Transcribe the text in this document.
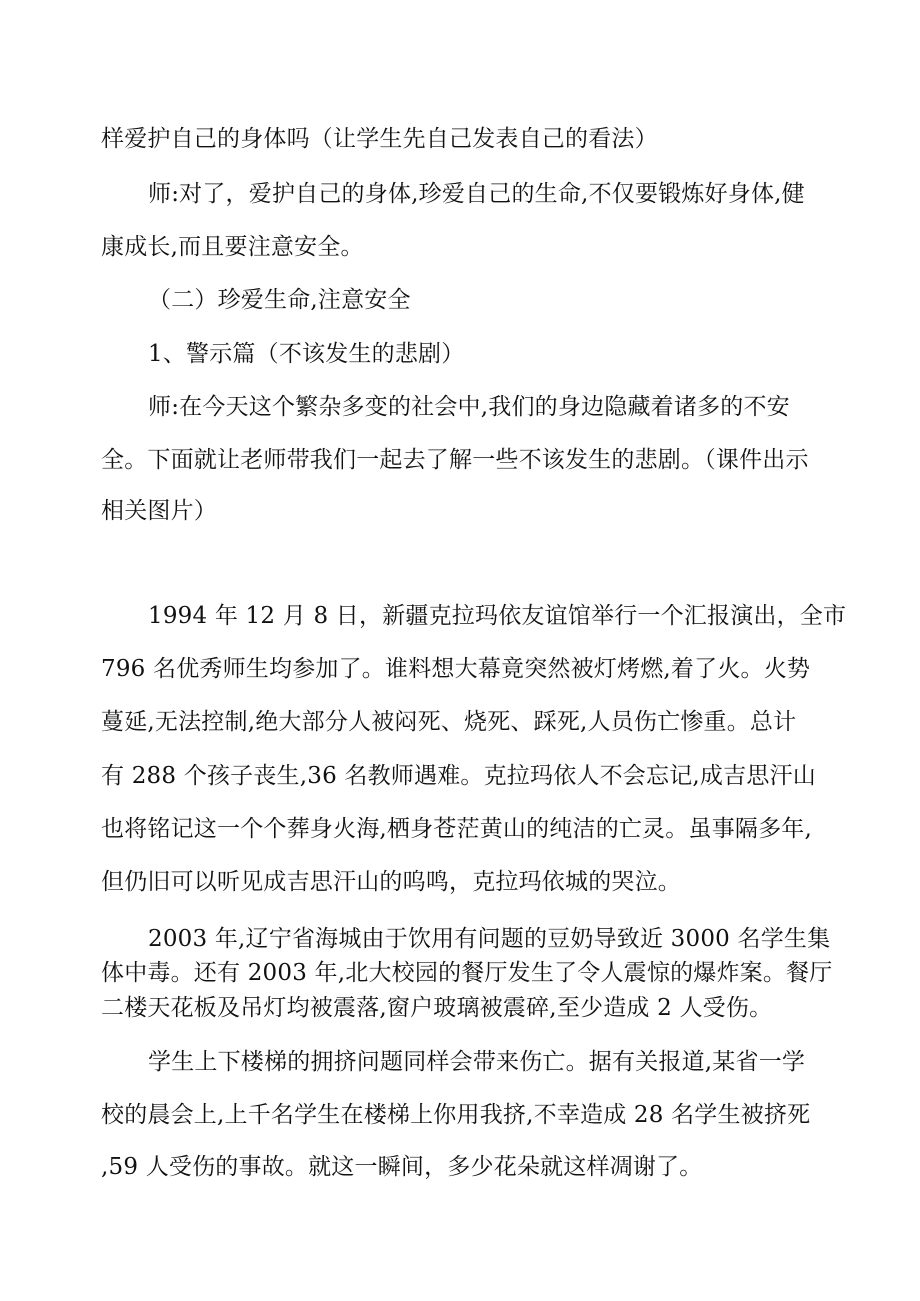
样爱护自己的身体吗（让学生先自己发表自己的看法）
师:对了，爱护自己的身体,珍爱自己的生命,不仅要锻炼好身体,健
康成长,而且要注意安全。
（二）珍爱生命,注意安全
1、警示篇（不该发生的悲剧）
师:在今天这个繁杂多变的社会中,我们的身边隐藏着诸多的不安
全。下面就让老师带我们一起去了解一些不该发生的悲剧。（课件出示
相关图片）
1994 年 12 月 8 日，新疆克拉玛依友谊馆举行一个汇报演出，全市
796 名优秀师生均参加了。谁料想大幕竟突然被灯烤燃,着了火。火势
蔓延,无法控制,绝大部分人被闷死、烧死、踩死,人员伤亡惨重。总计
有 288 个孩子丧生,36 名教师遇难。克拉玛依人不会忘记,成吉思汗山
也将铭记这一个个葬身火海,栖身苍茫黄山的纯洁的亡灵。虽事隔多年,
但仍旧可以听见成吉思汗山的呜鸣，克拉玛依城的哭泣。
2003 年,辽宁省海城由于饮用有问题的豆奶导致近 3000 名学生集
体中毒。还有 2003 年,北大校园的餐厅发生了令人震惊的爆炸案。餐厅
二楼天花板及吊灯均被震落,窗户玻璃被震碎,至少造成 2 人受伤。
学生上下楼梯的拥挤问题同样会带来伤亡。据有关报道,某省一学
校的晨会上,上千名学生在楼梯上你用我挤,不幸造成 28 名学生被挤死
,59 人受伤的事故。就这一瞬间，多少花朵就这样凋谢了。
